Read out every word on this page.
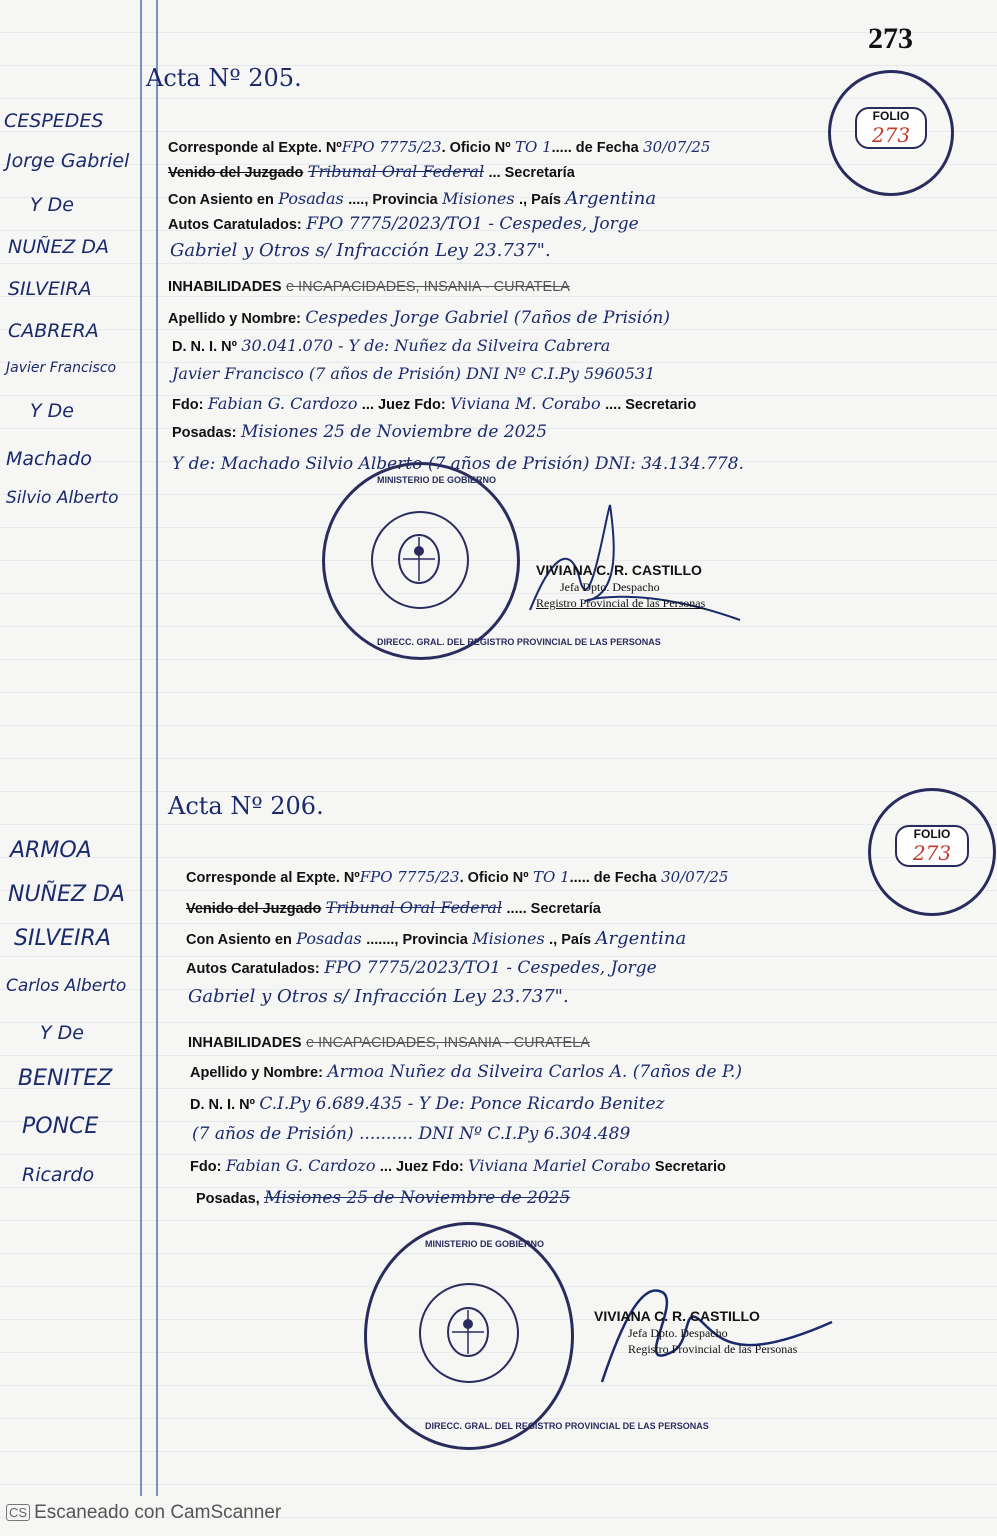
273
FOLIO
273
Acta Nº 205.
CESPEDES
Jorge Gabriel
Y De
NUÑEZ DA
SILVEIRA
CABRERA
Javier Francisco
Y De
Machado
Silvio Alberto
Corresponde al Expte. NºFPO 7775/23. Oficio Nº TO 1..... de Fecha 30/07/25
Venido del Juzgado Tribunal Oral Federal ... Secretaría
Con Asiento en Posadas ...., Provincia Misiones ., País Argentina
Autos Caratulados: FPO 7775/2023/TO1 - Cespedes, Jorge
Gabriel y Otros s/ Infracción Ley 23.737".
INHABILIDADES e INCAPACIDADES, INSANIA - CURATELA
Apellido y Nombre: Cespedes Jorge Gabriel (7años de Prisión)
D. N. I. Nº 30.041.070 - Y de: Nuñez da Silveira Cabrera
Javier Francisco (7 años de Prisión) DNI Nº C.I.Py 5960531
Fdo: Fabian G. Cardozo ... Juez Fdo: Viviana M. Corabo .... Secretario
Posadas: Misiones 25 de Noviembre de 2025
Y de: Machado Silvio Alberto (7 años de Prisión) DNI: 34.134.778.
DIRECC. GRAL. DEL REGISTRO PROVINCIAL DE LAS PERSONAS
MINISTERIO DE GOBIERNO
VIVIANA C. R. CASTILLO
Jefa Dpto. Despacho
Registro Provincial de las Personas
FOLIO
273
Acta Nº 206.
ARMOA
NUÑEZ DA
SILVEIRA
Carlos Alberto
Y De
BENITEZ
PONCE
Ricardo
Corresponde al Expte. NºFPO 7775/23. Oficio Nº TO 1..... de Fecha 30/07/25
Venido del Juzgado Tribunal Oral Federal ..... Secretaría
Con Asiento en Posadas ......., Provincia Misiones ., País Argentina
Autos Caratulados: FPO 7775/2023/TO1 - Cespedes, Jorge
Gabriel y Otros s/ Infracción Ley 23.737".
INHABILIDADES e INCAPACIDADES, INSANIA - CURATELA
Apellido y Nombre: Armoa Nuñez da Silveira Carlos A. (7años de P.)
D. N. I. Nº C.I.Py 6.689.435 - Y De: Ponce Ricardo Benitez
(7 años de Prisión) .......... DNI Nº C.I.Py 6.304.489
Fdo: Fabian G. Cardozo ... Juez Fdo: Viviana Mariel Corabo Secretario
Posadas, Misiones 25 de Noviembre de 2025
DIRECC. GRAL. DEL REGISTRO PROVINCIAL DE LAS PERSONAS
MINISTERIO DE GOBIERNO
VIVIANA C. R. CASTILLO
Jefa Dpto. Despacho
Registro Provincial de las Personas
CS Escaneado con CamScanner
